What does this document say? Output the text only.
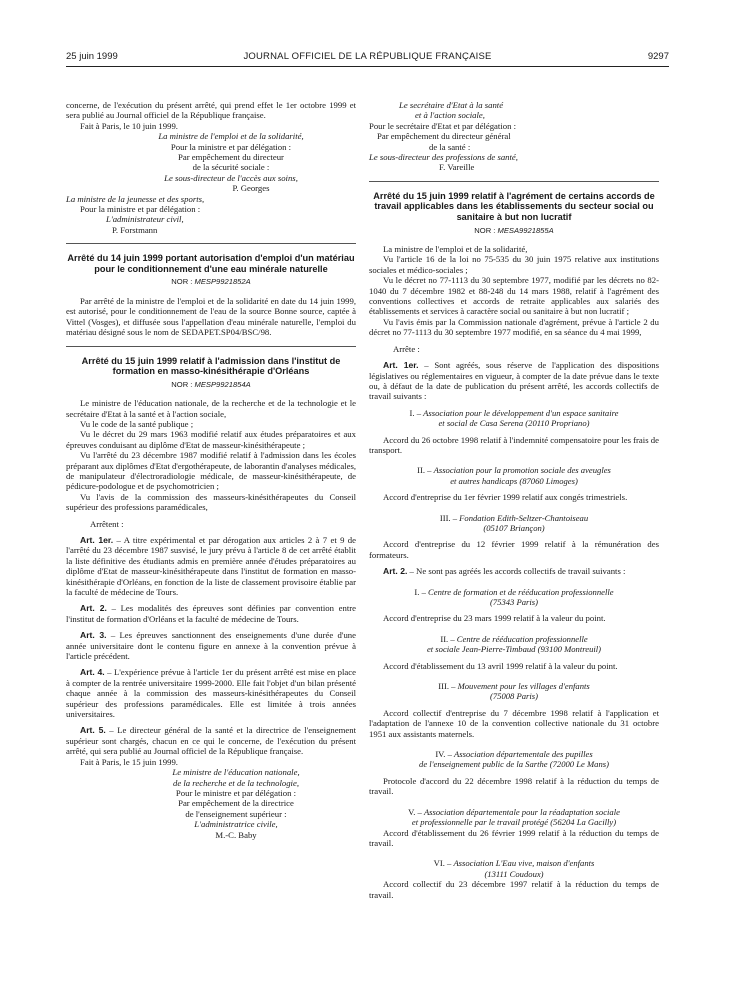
25 juin 1999	JOURNAL OFFICIEL DE LA RÉPUBLIQUE FRANÇAISE	9297

concerne, de l'exécution du présent arrêté, qui prend effet le 1er octobre 1999 et sera publié au Journal officiel de la République française.

Fait à Paris, le 10 juin 1999.

La ministre de l'emploi et de la solidarité,
Pour la ministre et par délégation :
Par empêchement du directeur
de la sécurité sociale :
Le sous-directeur de l'accès aux soins,
P. Georges
La ministre de la jeunesse et des sports,
Pour la ministre et par délégation :
L'administrateur civil,
P. Forstmann
Arrêté du 14 juin 1999 portant autorisation d'emploi d'un matériau pour le conditionnement d'une eau minérale naturelle
NOR : MESP9921852A

Par arrêté de la ministre de l'emploi et de la solidarité en date du 14 juin 1999, est autorisé, pour le conditionnement de l'eau de la source Bonne source, captée à Vittel (Vosges), et diffusée sous l'appellation d'eau minérale naturelle, l'emploi du matériau désigné sous le nom de SEDAPET.SP04/BSC/98.

Arrêté du 15 juin 1999 relatif à l'admission dans l'institut de formation en masso-kinésithérapie d'Orléans
NOR : MESP9921854A

Le ministre de l'éducation nationale, de la recherche et de la technologie et le secrétaire d'Etat à la santé et à l'action sociale,

Vu le code de la santé publique ;

Vu le décret du 29 mars 1963 modifié relatif aux études préparatoires et aux épreuves conduisant au diplôme d'Etat de masseur-kinésithérapeute ;

Vu l'arrêté du 23 décembre 1987 modifié relatif à l'admission dans les écoles préparant aux diplômes d'Etat d'ergothérapeute, de laborantin d'analyses médicales, de manipulateur d'électroradiologie médicale, de masseur-kinésithérapeute, de pédicure-podologue et de psychomotricien ;

Vu l'avis de la commission des masseurs-kinésithérapeutes du Conseil supérieur des professions paramédicales,

Arrêtent :

Art. 1er. – A titre expérimental et par dérogation aux articles 2 à 7 et 9 de l'arrêté du 23 décembre 1987 susvisé, le jury prévu à l'article 8 de cet arrêté établit la liste définitive des étudiants admis en première année d'études préparatoires au diplôme d'Etat de masseur-kinésithérapeute dans l'institut de formation en masso-kinésithérapie d'Orléans, en fonction de la liste de classement provisoire établie par la faculté de médecine de Tours.

Art. 2. – Les modalités des épreuves sont définies par convention entre l'institut de formation d'Orléans et la faculté de médecine de Tours.

Art. 3. – Les épreuves sanctionnent des enseignements d'une durée d'une année universitaire dont le contenu figure en annexe à la convention prévue à l'article précédent.

Art. 4. – L'expérience prévue à l'article 1er du présent arrêté est mise en place à compter de la rentrée universitaire 1999-2000. Elle fait l'objet d'un bilan présenté chaque année à la commission des masseurs-kinésithérapeutes du Conseil supérieur des professions paramédicales. Elle est limitée à trois années universitaires.

Art. 5. – Le directeur général de la santé et la directrice de l'enseignement supérieur sont chargés, chacun en ce qui le concerne, de l'exécution du présent arrêté, qui sera publié au Journal officiel de la République française.

Fait à Paris, le 15 juin 1999.

Le ministre de l'éducation nationale,
de la recherche et de la technologie,
Pour le ministre et par délégation :
Par empêchement de la directrice
de l'enseignement supérieur :
L'administratrice civile,
M.-C. Baby
Le secrétaire d'Etat à la santé
et à l'action sociale,
Pour le secrétaire d'Etat et par délégation :
Par empêchement du directeur général
de la santé :
Le sous-directeur des professions de santé,
F. Vareille
Arrêté du 15 juin 1999 relatif à l'agrément de certains accords de travail applicables dans les établissements du secteur social ou sanitaire à but non lucratif
NOR : MESA9921855A

La ministre de l'emploi et de la solidarité,

Vu l'article 16 de la loi no 75-535 du 30 juin 1975 relative aux institutions sociales et médico-sociales ;

Vu le décret no 77-1113 du 30 septembre 1977, modifié par les décrets no 82-1040 du 7 décembre 1982 et 88-248 du 14 mars 1988, relatif à l'agrément des conventions collectives et accords de retraite applicables aux salariés des établissements et services à caractère social ou sanitaire à but non lucratif ;

Vu l'avis émis par la Commission nationale d'agrément, prévue à l'article 2 du décret no 77-1113 du 30 septembre 1977 modifié, en sa séance du 4 mai 1999,

Arrête :

Art. 1er. – Sont agréés, sous réserve de l'application des dispositions législatives ou réglementaires en vigueur, à compter de la date prévue dans le texte ou, à défaut de la date de publication du présent arrêté, les accords collectifs de travail suivants :

I. – Association pour le développement d'un espace sanitaire
et social de Casa Serena (20110 Propriano)

Accord du 26 octobre 1998 relatif à l'indemnité compensatoire pour les frais de transport.

II. – Association pour la promotion sociale des aveugles
et autres handicaps (87060 Limoges)

Accord d'entreprise du 1er février 1999 relatif aux congés trimestriels.

III. – Fondation Edith-Seltzer-Chantoiseau
(05107 Briançon)

Accord d'entreprise du 12 février 1999 relatif à la rémunération des formateurs.

Art. 2. – Ne sont pas agréés les accords collectifs de travail suivants :

I. – Centre de formation et de rééducation professionnelle
(75343 Paris)

Accord d'entreprise du 23 mars 1999 relatif à la valeur du point.

II. – Centre de rééducation professionnelle
et sociale Jean-Pierre-Timbaud (93100 Montreuil)

Accord d'établissement du 13 avril 1999 relatif à la valeur du point.

III. – Mouvement pour les villages d'enfants
(75008 Paris)

Accord collectif d'entreprise du 7 décembre 1998 relatif à l'application et l'adaptation de l'annexe 10 de la convention collective nationale du 31 octobre 1951 aux assistants maternels.

IV. – Association départementale des pupilles
de l'enseignement public de la Sarthe (72000 Le Mans)

Protocole d'accord du 22 décembre 1998 relatif à la réduction du temps de travail.

V. – Association départementale pour la réadaptation sociale
et professionnelle par le travail protégé (56204 La Gacilly)

Accord d'établissement du 26 février 1999 relatif à la réduction du temps de travail.

VI. – Association L'Eau vive, maison d'enfants
(13111 Coudoux)

Accord collectif du 23 décembre 1997 relatif à la réduction du temps de travail.
